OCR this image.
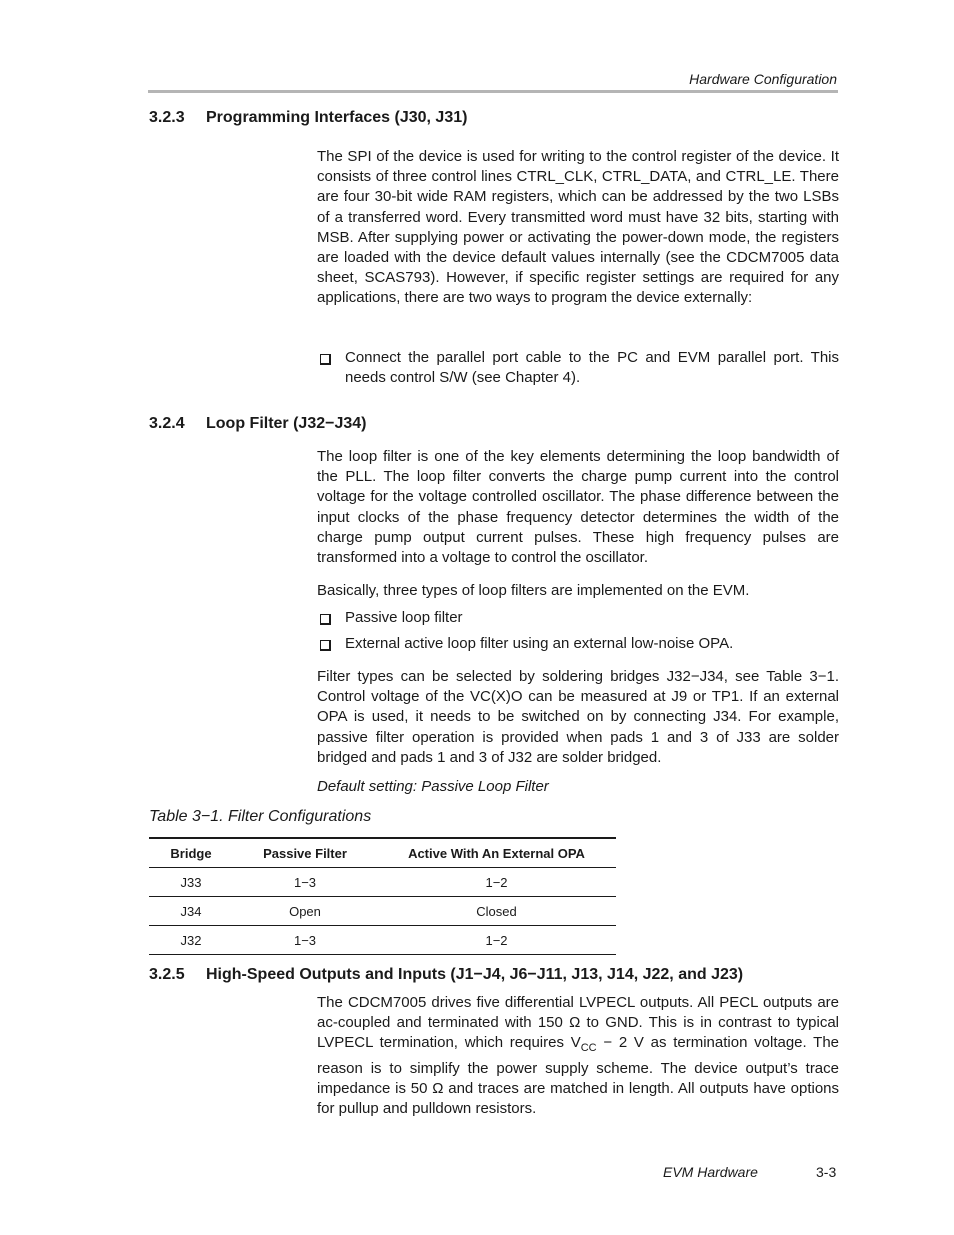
Hardware Configuration
3.2.3 Programming Interfaces (J30, J31)

The SPI of the device is used for writing to the control register of the device. It consists of three control lines CTRL_CLK, CTRL_DATA, and CTRL_LE. There are four 30-bit wide RAM registers, which can be addressed by the two LSBs of a transferred word. Every transmitted word must have 32 bits, starting with MSB. After supplying power or activating the power-down mode, the registers are loaded with the device default values internally (see the CDCM7005 data sheet, SCAS793). However, if specific register settings are required for any applications, there are two ways to program the device externally:

Connect the parallel port cable to the PC and EVM parallel port. This needs control S/W (see Chapter 4).
3.2.4 Loop Filter (J32−J34)

The loop filter is one of the key elements determining the loop bandwidth of the PLL. The loop filter converts the charge pump current into the control voltage for the voltage controlled oscillator. The phase difference between the input clocks of the phase frequency detector determines the width of the charge pump output current pulses. These high frequency pulses are transformed into a voltage to control the oscillator.

Basically, three types of loop filters are implemented on the EVM.

Passive loop filter
External active loop filter using an external low-noise OPA.

Filter types can be selected by soldering bridges J32−J34, see Table 3−1. Control voltage of the VC(X)O can be measured at J9 or TP1. If an external OPA is used, it needs to be switched on by connecting J34. For example, passive filter operation is provided when pads 1 and 3 of J33 are solder bridged and pads 1 and 3 of J32 are solder bridged.

Default setting: Passive Loop Filter
Table 3−1. Filter Configurations
Bridge	Passive Filter	Active With An External OPA
J33	1−3	1−2
J34	Open	Closed
J32	1−3	1−2
3.2.5 High-Speed Outputs and Inputs (J1−J4, J6−J11, J13, J14, J22, and J23)

The CDCM7005 drives five differential LVPECL outputs. All PECL outputs are ac-coupled and terminated with 150 Ω to GND. This is in contrast to typical LVPECL termination, which requires $V_{CC} - 2$ V as termination voltage. The reason is to simplify the power supply scheme. The device output’s trace impedance is 50 Ω and traces are matched in length. All outputs have options for pullup and pulldown resistors.

EVM Hardware	3-3
